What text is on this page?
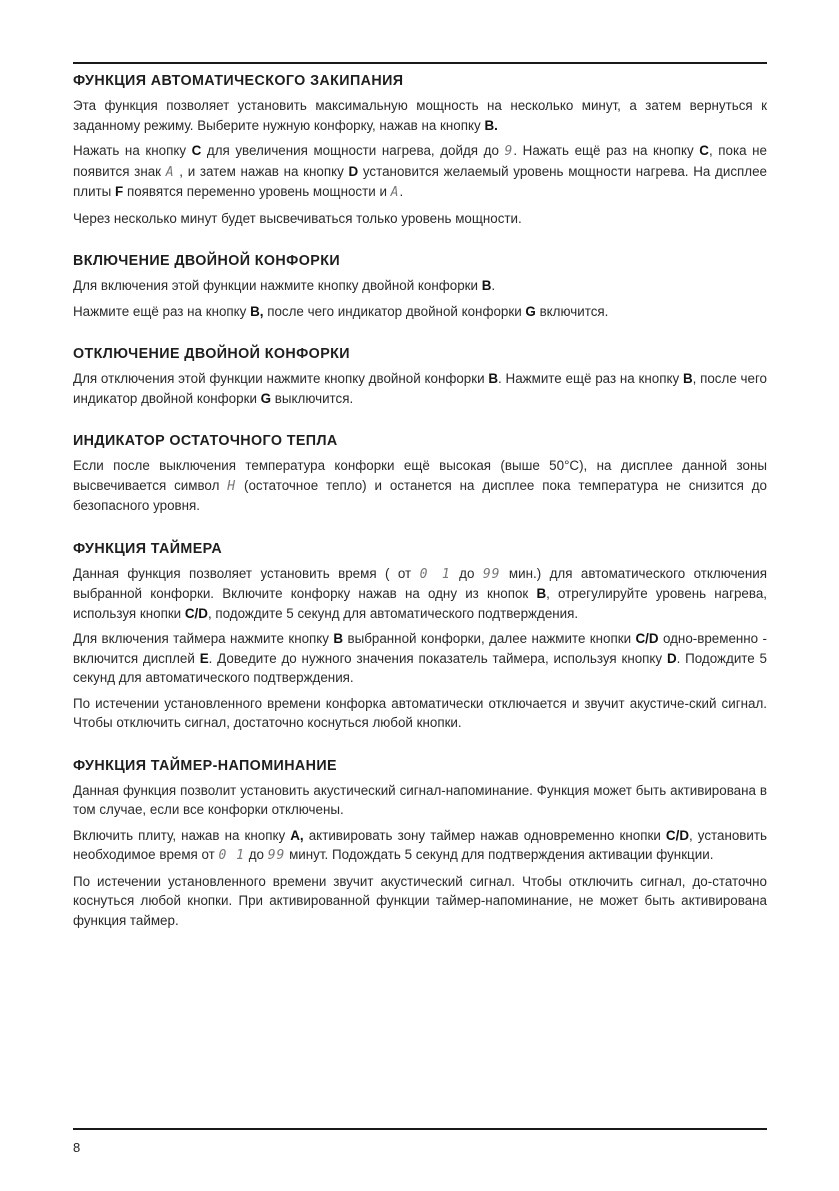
ФУНКЦИЯ АВТОМАТИЧЕСКОГО ЗАКИПАНИЯ

Эта функция позволяет установить максимальную мощность на несколько минут, а затем вернуться к заданному режиму. Выберите нужную конфорку, нажав на кнопку B.

Нажать на кнопку C для увеличения мощности нагрева, дойдя до 9. Нажать ещё раз на кнопку C, пока не появится знак A , и затем нажав на кнопку D установится желаемый уровень мощности нагрева. На дисплее плиты F появятся переменно уровень мощности и A.

Через несколько минут будет высвечиваться только уровень мощности.

ВКЛЮЧЕНИЕ ДВОЙНОЙ КОНФОРКИ

Для включения этой функции нажмите кнопку двойной конфорки B.

Нажмите ещё раз на кнопку B, после чего индикатор двойной конфорки G включится.

ОТКЛЮЧЕНИЕ ДВОЙНОЙ КОНФОРКИ

Для отключения этой функции нажмите кнопку двойной конфорки B. Нажмите ещё раз на кнопку B, после чего индикатор двойной конфорки G выключится.

ИНДИКАТОР ОСТАТОЧНОГО ТЕПЛА

Если после выключения температура конфорки ещё высокая (выше 50°C), на дисплее данной зоны высвечивается символ H (остаточное тепло) и останется на дисплее пока температура не снизится до безопасного уровня.

ФУНКЦИЯ ТАЙМЕРА

Данная функция позволяет установить время ( от 0 1 до 99 мин.) для автоматического отключения выбранной конфорки. Включите конфорку нажав на одну из кнопок B, отрегулируйте уровень нагрева, используя кнопки C/D, подождите 5 секунд для автоматического подтверждения.

Для включения таймера нажмите кнопку B выбранной конфорки, далее нажмите кнопки C/D одно-временно - включится дисплей E. Доведите до нужного значения показатель таймера, используя кнопку D. Подождите 5 секунд для автоматического подтверждения.

По истечении установленного времени конфорка автоматически отключается и звучит акустиче-ский сигнал. Чтобы отключить сигнал, достаточно коснуться любой кнопки.

ФУНКЦИЯ ТАЙМЕР-НАПОМИНАНИЕ

Данная функция позволит установить акустический сигнал-напоминание. Функция может быть активирована в том случае, если все конфорки отключены.

Включить плиту, нажав на кнопку A, активировать зону таймер нажав одновременно кнопки C/D, установить необходимое время от 0 1 до 99 минут. Подождать 5 секунд для подтверждения активации функции.

По истечении установленного времени звучит акустический сигнал. Чтобы отключить сигнал, до-статочно коснуться любой кнопки. При активированной функции таймер-напоминание, не может быть активирована функция таймер.

8
